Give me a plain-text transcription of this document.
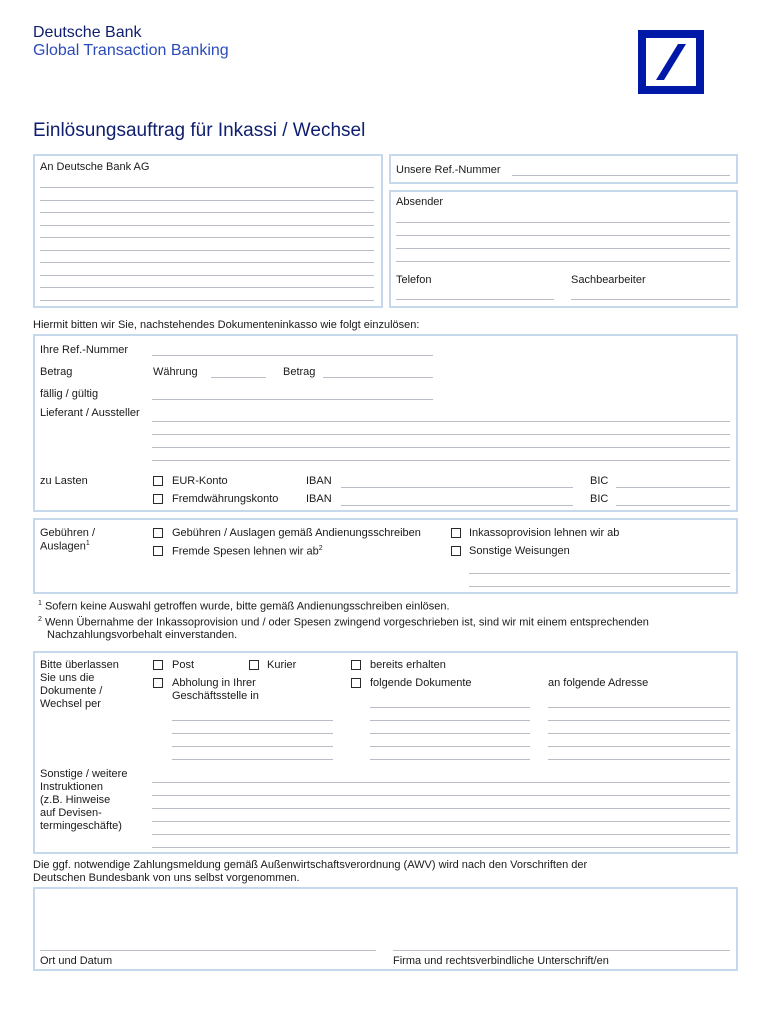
Deutsche Bank
Global Transaction Banking
Einlösungsauftrag für Inkassi / Wechsel
An Deutsche Bank AG	Unsere Ref.-Nummer
Absender
Telefon	Sachbearbeiter
Hiermit bitten wir Sie, nachstehendes Dokumenteninkasso wie folgt einzulösen:
Ihre Ref.-Nummer
Betrag	Währung	Betrag
fällig / gültig
Lieferant / Aussteller
zu Lasten	EUR-Konto	IBAN	BIC
Fremdwährungskonto	IBAN	BIC
Gebühren /
Auslagen$^1$
Gebühren / Auslagen gemäß Andienungsschreiben
Fremde Spesen lehnen wir $ab^2$
Inkassoprovision lehnen wir ab
Sonstige Weisungen
$^1$ Sofern keine Auswahl getroffen wurde, bitte gemäß Andienungsschreiben einlösen.
$^2$ Wenn Übernahme der Inkassoprovision und / oder Spesen zwingend vorgeschrieben ist, sind wir mit einem entsprechenden
Nachzahlungsvorbehalt einverstanden.
Bitte überlassen
Sie uns die
Dokumente /
Wechsel per
Post	Kurier
Abholung in Ihrer
Geschäftsstelle in
bereits erhalten
folgende Dokumente	an folgende Adresse
Sonstige / weitere
Instruktionen
(z.B. Hinweise
auf Devisen-
termingeschäfte)
Die ggf. notwendige Zahlungsmeldung gemäß Außenwirtschaftsverordnung (AWV) wird nach den Vorschriften der
Deutschen Bundesbank von uns selbst vorgenommen.
Ort und Datum	Firma und rechtsverbindliche Unterschrift/en
